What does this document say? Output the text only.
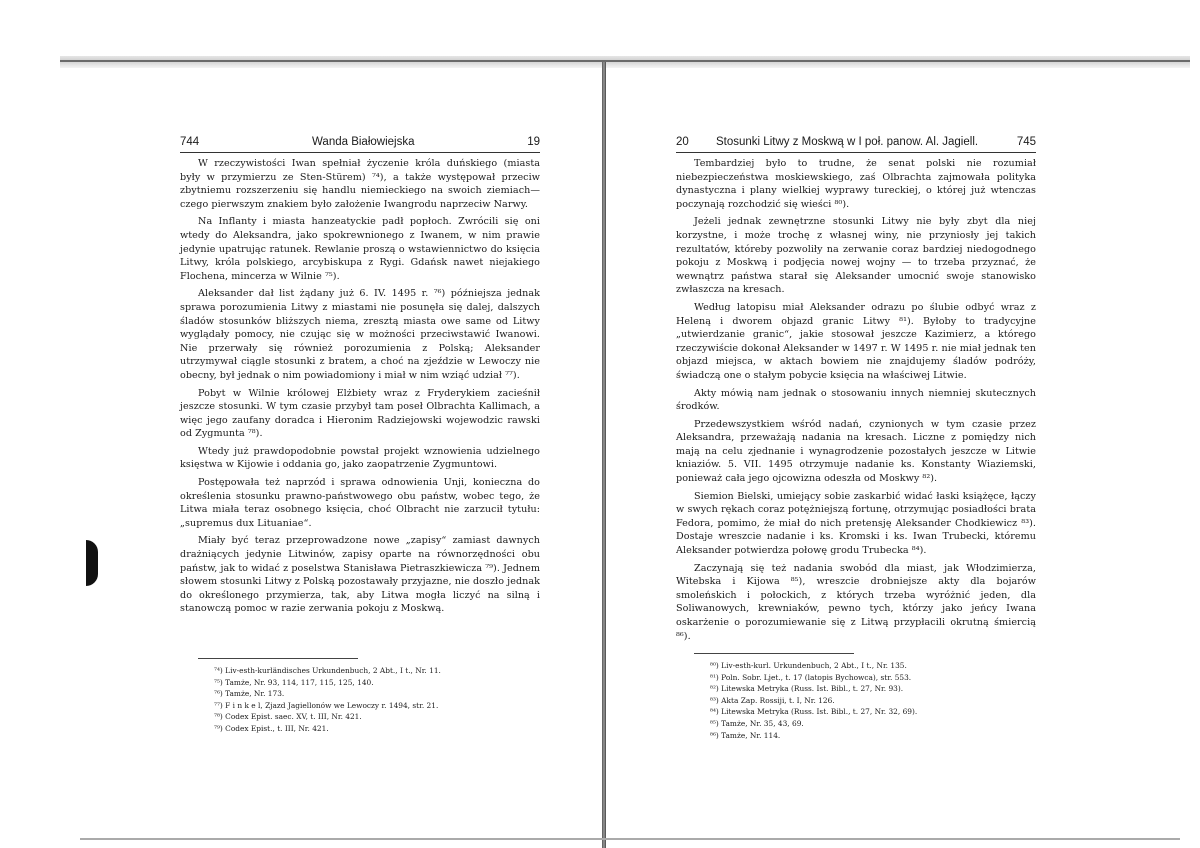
744	Wanda Białowiejska	19

W rzeczywistości Iwan spełniał życzenie króla duńskiego (miasta były w przymierzu ze Sten-Stürem) ⁷⁴), a także występował przeciw zbytniemu rozszerzeniu się handlu niemieckiego na swoich ziemiach— czego pierwszym znakiem było założenie Iwangrodu naprzeciw Narwy.

Na Inflanty i miasta hanzeatyckie padł popłoch. Zwrócili się oni wtedy do Aleksandra, jako spokrewnionego z Iwanem, w nim prawie jedynie upatrując ratunek. Rewlanie proszą o wstawiennictwo do księcia Litwy, króla polskiego, arcybiskupa z Rygi. Gdańsk nawet niejakiego Flochena, mincerza w Wilnie ⁷⁵).

Aleksander dał list żądany już 6. IV. 1495 r. ⁷⁶) późniejsza jednak sprawa porozumienia Litwy z miastami nie posunęła się dalej, dalszych śladów stosunków bliższych niema, zresztą miasta owe same od Litwy wyglądały pomocy, nie czując się w możności przeciwstawić Iwanowi. Nie przerwały się również porozumienia z Polską; Aleksander utrzymywał ciągle stosunki z bratem, a choć na zjeździe w Lewoczy nie obecny, był jednak o nim powiadomiony i miał w nim wziąć udział ⁷⁷).

Pobyt w Wilnie królowej Elżbiety wraz z Fryderykiem zacieśnił jeszcze stosunki. W tym czasie przybył tam poseł Olbrachta Kallimach, a więc jego zaufany doradca i Hieronim Radziejowski wojewodzic rawski od Zygmunta ⁷⁸).

Wtedy już prawdopodobnie powstał projekt wznowienia udzielnego księstwa w Kijowie i oddania go, jako zaopatrzenie Zygmuntowi.

Postępowała też naprzód i sprawa odnowienia Unji, konieczna do określenia stosunku prawno-państwowego obu państw, wobec tego, że Litwa miała teraz osobnego księcia, choć Olbracht nie zarzucił tytułu: „supremus dux Lituaniae“.

Miały być teraz przeprowadzone nowe „zapisy“ zamiast dawnych drażniących jedynie Litwinów, zapisy oparte na równorzędności obu państw, jak to widać z poselstwa Stanisława Pietraszkiewicza ⁷⁹). Jednem słowem stosunki Litwy z Polską pozostawały przyjazne, nie doszło jednak do określonego przymierza, tak, aby Litwa mogła liczyć na silną i stanowczą pomoc w razie zerwania pokoju z Moskwą.

⁷⁴) Liv-esth-kurländisches Urkundenbuch, 2 Abt., I t., Nr. 11.
⁷⁵) Tamże, Nr. 93, 114, 117, 115, 125, 140.
⁷⁶) Tamże, Nr. 173.
⁷⁷) F i n k e l, Zjazd Jagiellonów we Lewoczy r. 1494, str. 21.
⁷⁸) Codex Epist. saec. XV, t. III, Nr. 421.
⁷⁹) Codex Epist., t. III, Nr. 421.
20 Stosunki Litwy z Moskwą w I poł. panow. Al. Jagiell.	745

Tembardziej było to trudne, że senat polski nie rozumiał niebezpieczeństwa moskiewskiego, zaś Olbrachta zajmowała polityka dynastyczna i plany wielkiej wyprawy tureckiej, o której już wtenczas poczynają rozchodzić się wieści ⁸⁰).

Jeżeli jednak zewnętrzne stosunki Litwy nie były zbyt dla niej korzystne, i może trochę z własnej winy, nie przyniosły jej takich rezultatów, któreby pozwoliły na zerwanie coraz bardziej niedogodnego pokoju z Moskwą i podjęcia nowej wojny — to trzeba przyznać, że wewnątrz państwa starał się Aleksander umocnić swoje stanowisko zwłaszcza na kresach.

Według latopisu miał Aleksander odrazu po ślubie odbyć wraz z Heleną i dworem objazd granic Litwy ⁸¹). Byłoby to tradycyjne „utwierdzanie granic“, jakie stosował jeszcze Kazimierz, a którego rzeczywiście dokonał Aleksander w 1497 r. W 1495 r. nie miał jednak ten objazd miejsca, w aktach bowiem nie znajdujemy śladów podróży, świadczą one o stałym pobycie księcia na właściwej Litwie.

Akty mówią nam jednak o stosowaniu innych niemniej skutecznych środków.

Przedewszystkiem wśród nadań, czynionych w tym czasie przez Aleksandra, przeważają nadania na kresach. Liczne z pomiędzy nich mają na celu zjednanie i wynagrodzenie pozostałych jeszcze w Litwie kniaziów. 5. VII. 1495 otrzymuje nadanie ks. Konstanty Wiaziemski, ponieważ cała jego ojcowizna odeszła od Moskwy ⁸²).

Siemion Bielski, umiejący sobie zaskarbić widać łaski książęce, łączy w swych rękach coraz potężniejszą fortunę, otrzymując posiadłości brata Fedora, pomimo, że miał do nich pretensję Aleksander Chodkiewicz ⁸³). Dostaje wreszcie nadanie i ks. Kromski i ks. Iwan Trubecki, któremu Aleksander potwierdza połowę grodu Trubecka ⁸⁴).

Zaczynają się też nadania swobód dla miast, jak Włodzimierza, Witebska i Kijowa ⁸⁵), wreszcie drobniejsze akty dla bojarów smoleńskich i połockich, z których trzeba wyróżnić jeden, dla Soliwanowych, krewniaków, pewno tych, którzy jako jeńcy Iwana oskarżenie o porozumiewanie się z Litwą przypłacili okrutną śmiercią ⁸⁶).

⁸⁰) Liv-esth-kurl. Urkundenbuch, 2 Abt., I t., Nr. 135.
⁸¹) Poln. Sobr. Ljet., t. 17 (latopis Bychowca), str. 553.
⁸²) Litewska Metryka (Russ. Ist. Bibl., t. 27, Nr. 93).
⁸³) Akta Zap. Rossiji, t. I, Nr. 126.
⁸⁴) Litewska Metryka (Russ. Ist. Bibl., t. 27, Nr. 32, 69).
⁸⁵) Tamże, Nr. 35, 43, 69.
⁸⁶) Tamże, Nr. 114.
